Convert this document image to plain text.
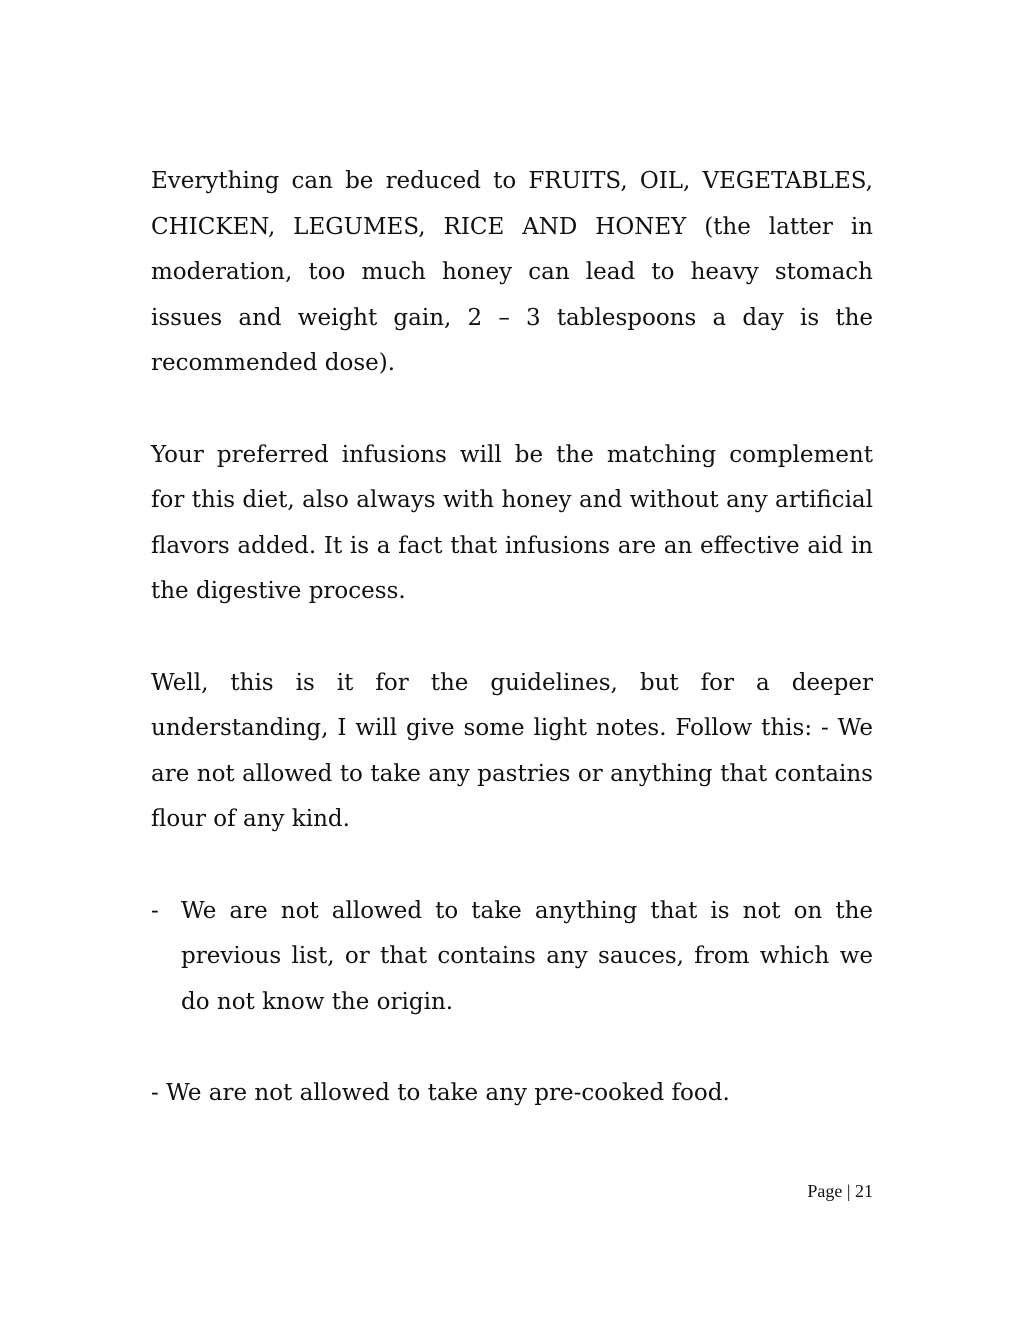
Everything can be reduced to FRUITS, OIL, VEGETABLES, CHICKEN, LEGUMES, RICE AND HONEY (the latter in moderation, too much honey can lead to heavy stomach issues and weight gain, 2 – 3 tablespoons a day is the recommended dose).

Your preferred infusions will be the matching complement for this diet, also always with honey and without any artificial flavors added. It is a fact that infusions are an effective aid in the digestive process.

Well, this is it for the guidelines, but for a deeper understanding, I will give some light notes. Follow this: - We are not allowed to take any pastries or anything that contains flour of any kind.

- We are not allowed to take anything that is not on the previous list, or that contains any sauces, from which we do not know the origin.

- We are not allowed to take any pre-cooked food.

Page | 21
